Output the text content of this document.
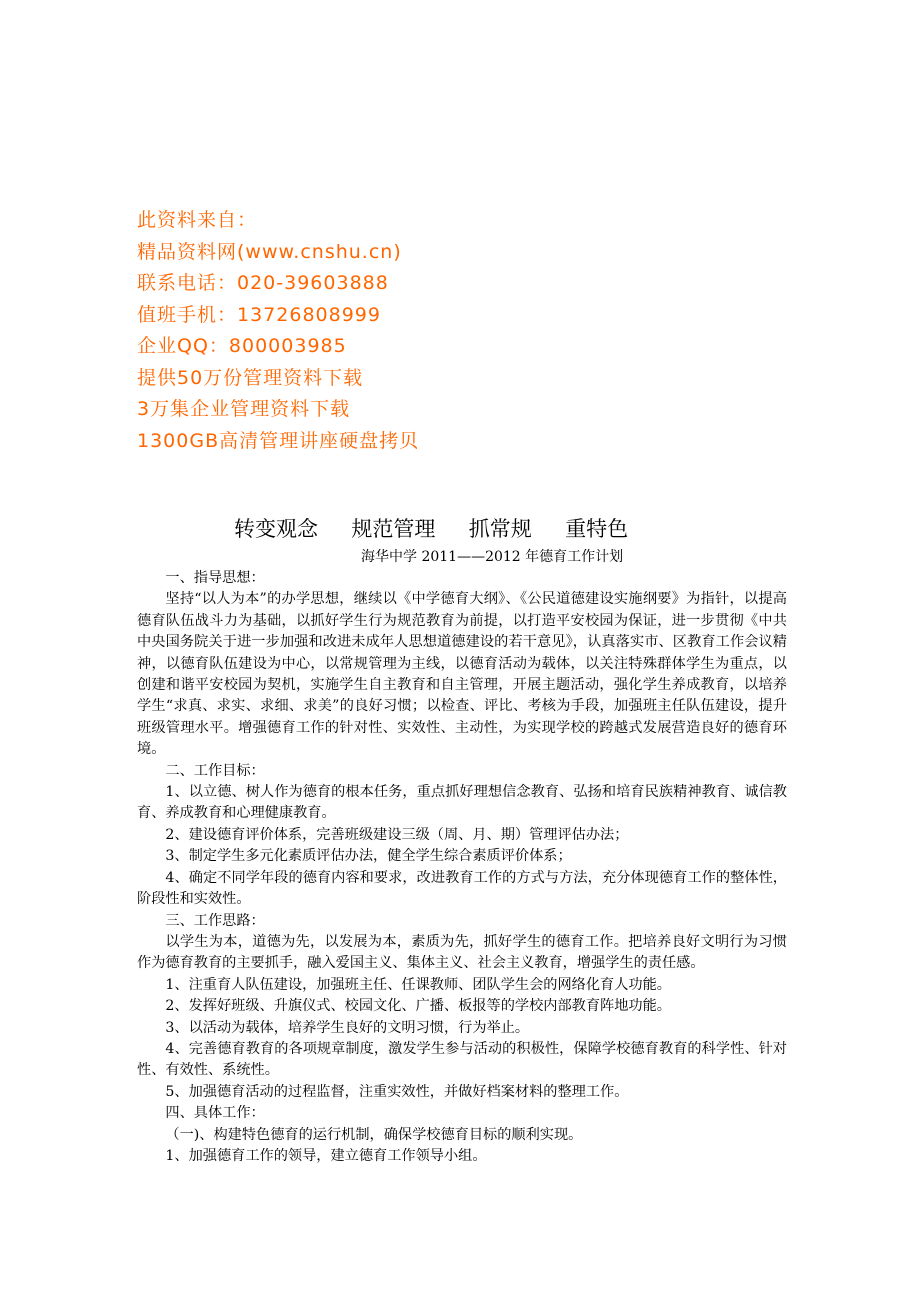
此资料来自：
精品资料网(www.cnshu.cn)
联系电话：020-39603888
值班手机：13726808999
企业QQ：800003985
提供50万份管理资料下载
3万集企业管理资料下载
1300GB高清管理讲座硬盘拷贝
转变观念     规范管理     抓常规     重特色
海华中学 2011——2012 年德育工作计划

一、指导思想：

坚持“以人为本”的办学思想，继续以《中学德育大纲》、《公民道德建设实施纲要》为指针，以提高德育队伍战斗力为基础，以抓好学生行为规范教育为前提，以打造平安校园为保证，进一步贯彻《中共中央国务院关于进一步加强和改进未成年人思想道德建设的若干意见》，认真落实市、区教育工作会议精神，以德育队伍建设为中心，以常规管理为主线，以德育活动为载体，以关注特殊群体学生为重点，以创建和谐平安校园为契机，实施学生自主教育和自主管理，开展主题活动，强化学生养成教育，以培养学生“求真、求实、求细、求美”的良好习惯；以检查、评比、考核为手段，加强班主任队伍建设，提升班级管理水平。增强德育工作的针对性、实效性、主动性，为实现学校的跨越式发展营造良好的德育环境。

二、工作目标：

1、以立德、树人作为德育的根本任务，重点抓好理想信念教育、弘扬和培育民族精神教育、诚信教育、养成教育和心理健康教育。

2、建设德育评价体系，完善班级建设三级（周、月、期）管理评估办法；

3、制定学生多元化素质评估办法，健全学生综合素质评价体系；

4、确定不同学年段的德育内容和要求，改进教育工作的方式与方法，充分体现德育工作的整体性，阶段性和实效性。

三、工作思路：

以学生为本，道德为先，以发展为本，素质为先，抓好学生的德育工作。把培养良好文明行为习惯作为德育教育的主要抓手，融入爱国主义、集体主义、社会主义教育，增强学生的责任感。

1、注重育人队伍建设，加强班主任、任课教师、团队学生会的网络化育人功能。

2、发挥好班级、升旗仪式、校园文化、广播、板报等的学校内部教育阵地功能。

3、以活动为载体，培养学生良好的文明习惯，行为举止。

4、完善德育教育的各项规章制度，激发学生参与活动的积极性，保障学校德育教育的科学性、针对性、有效性、系统性。

5、加强德育活动的过程监督，注重实效性，并做好档案材料的整理工作。

四、具体工作：

（一)、构建特色德育的运行机制，确保学校德育目标的顺利实现。

1、加强德育工作的领导，建立德育工作领导小组。
